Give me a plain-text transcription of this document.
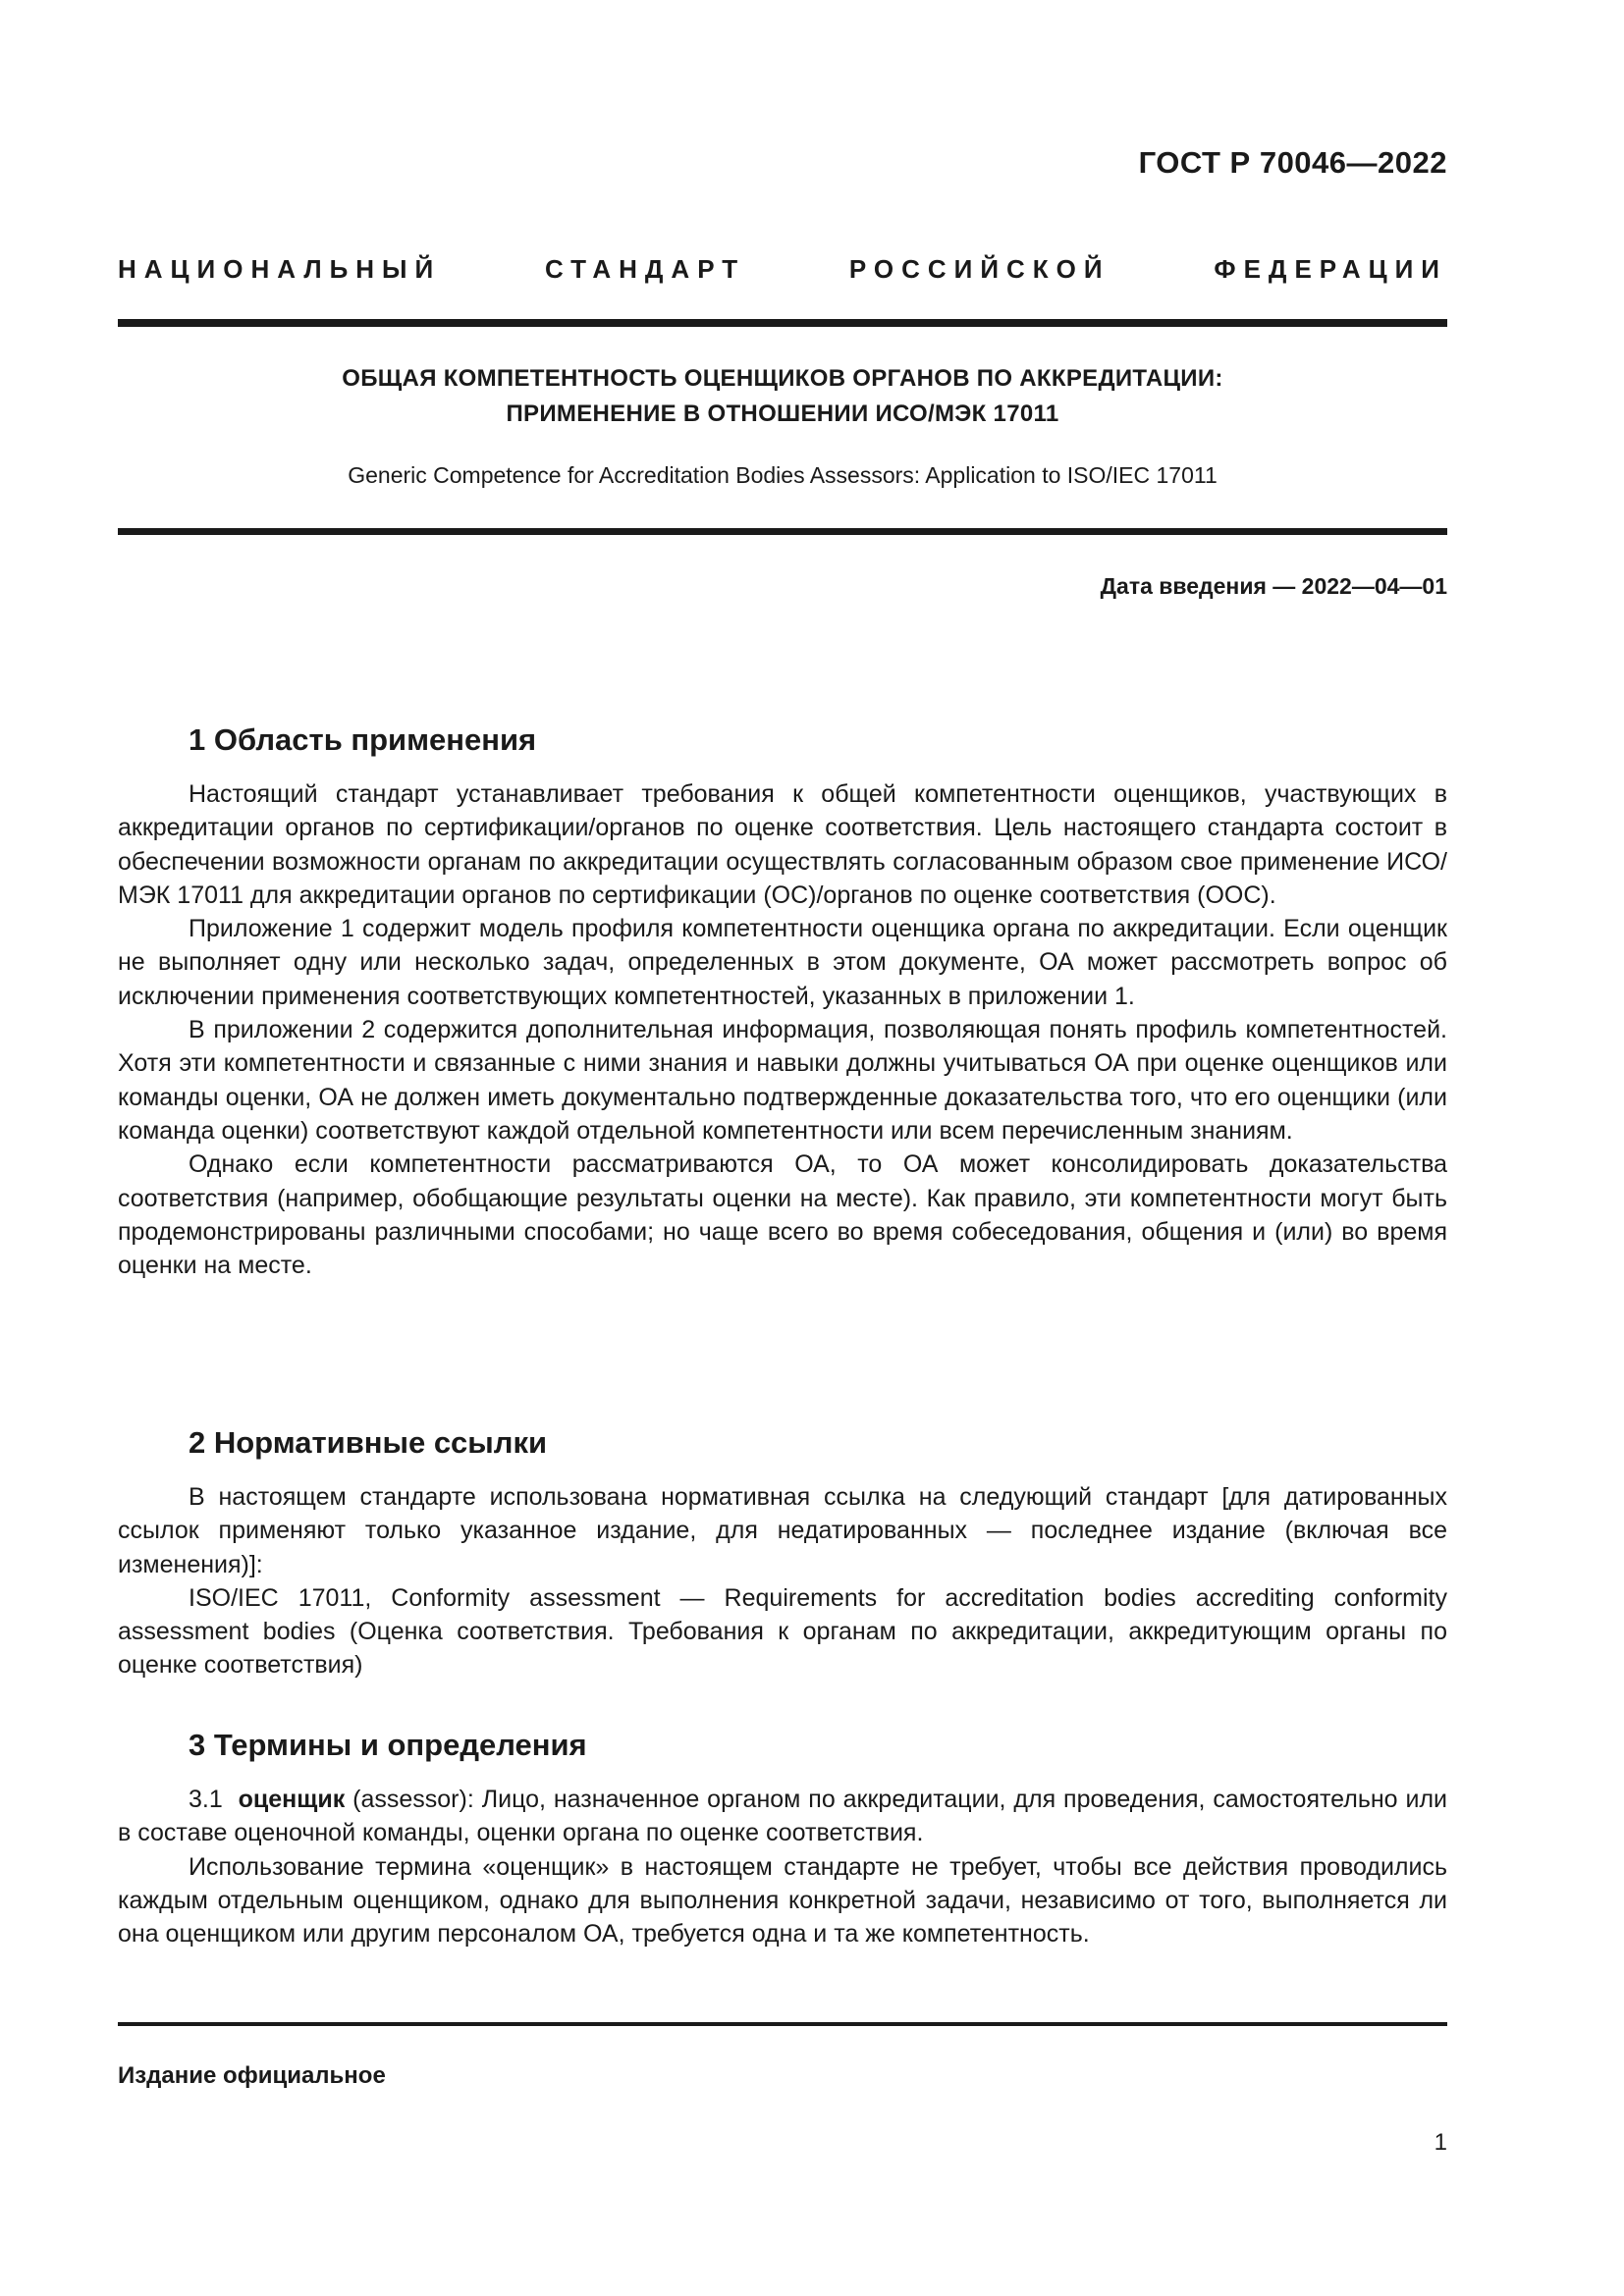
ГОСТ Р 70046—2022
НАЦИОНАЛЬНЫЙ СТАНДАРТ РОССИЙСКОЙ ФЕДЕРАЦИИ
ОБЩАЯ КОМПЕТЕНТНОСТЬ ОЦЕНЩИКОВ ОРГАНОВ ПО АККРЕДИТАЦИИ:
ПРИМЕНЕНИЕ В ОТНОШЕНИИ ИСО/МЭК 17011
Generic Competence for Accreditation Bodies Assessors: Application to ISO/IEC 17011
Дата введения — 2022—04—01
1 Область применения

Настоящий стандарт устанавливает требования к общей компетентности оценщиков, участвующих в аккредитации органов по сертификации/органов по оценке соответствия. Цель настоящего стандарта состоит в обеспечении возможности органам по аккредитации осуществлять согласованным образом свое применение ИСО/МЭК 17011 для аккредитации органов по сертификации (ОС)/органов по оценке соответствия (ООС).

Приложение 1 содержит модель профиля компетентности оценщика органа по аккредитации. Если оценщик не выполняет одну или несколько задач, определенных в этом документе, ОА может рассмотреть вопрос об исключении применения соответствующих компетентностей, указанных в приложении 1.

В приложении 2 содержится дополнительная информация, позволяющая понять профиль компетентностей. Хотя эти компетентности и связанные с ними знания и навыки должны учитываться ОА при оценке оценщиков или команды оценки, ОА не должен иметь документально подтвержденные доказательства того, что его оценщики (или команда оценки) соответствуют каждой отдельной компетентности или всем перечисленным знаниям.

Однако если компетентности рассматриваются ОА, то ОА может консолидировать доказательства соответствия (например, обобщающие результаты оценки на месте). Как правило, эти компетентности могут быть продемонстрированы различными способами; но чаще всего во время собеседования, общения и (или) во время оценки на месте.

2 Нормативные ссылки

В настоящем стандарте использована нормативная ссылка на следующий стандарт [для датированных ссылок применяют только указанное издание, для недатированных — последнее издание (включая все изменения)]:

ISO/IEC 17011, Conformity assessment — Requirements for accreditation bodies accrediting conformity assessment bodies (Оценка соответствия. Требования к органам по аккредитации, аккредитующим органы по оценке соответствия)

3 Термины и определения

3.1 оценщик (assessor): Лицо, назначенное органом по аккредитации, для проведения, самостоятельно или в составе оценочной команды, оценки органа по оценке соответствия.

Использование термина «оценщик» в настоящем стандарте не требует, чтобы все действия проводились каждым отдельным оценщиком, однако для выполнения конкретной задачи, независимо от того, выполняется ли она оценщиком или другим персоналом ОА, требуется одна и та же компетентность.

Издание официальное
1
